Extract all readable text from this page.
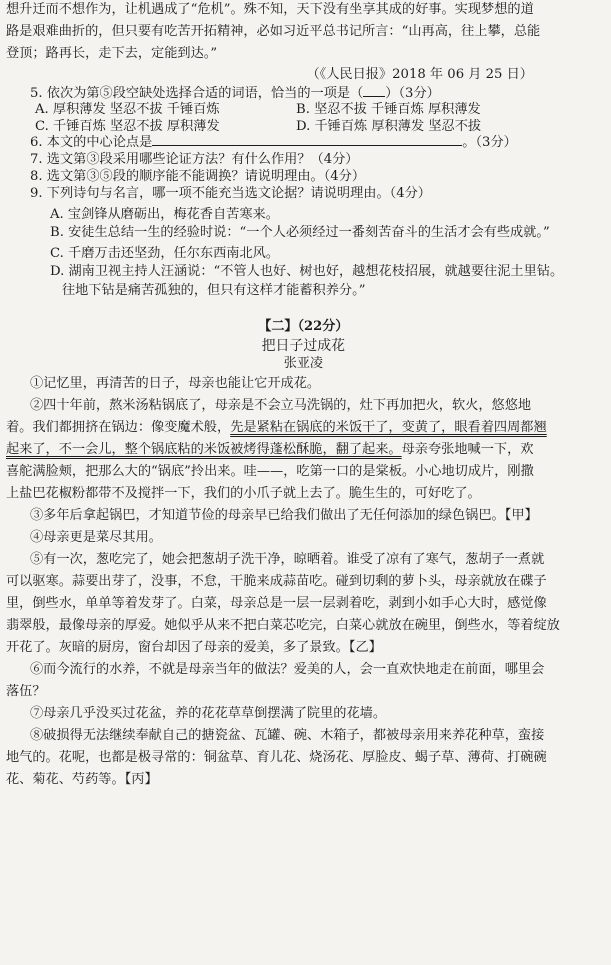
想升迁而不想作为，让机遇成了“危机”。殊不知，天下没有坐享其成的好事。实现梦想的道
路是艰难曲折的，但只要有吃苦开拓精神，必如习近平总书记所言：“山再高，往上攀，总能
登顶；路再长，走下去，定能到达。”
（《人民日报》2018 年 06 月 25 日）
5. 依次为第⑤段空缺处选择合适的词语，恰当的一项是（ ）（3分）
A. 厚积薄发 坚忍不拔 千锤百炼	B. 坚忍不拔 千锤百炼 厚积薄发
C. 千锤百炼 坚忍不拔 厚积薄发	D. 千锤百炼 厚积薄发 坚忍不拔
6. 本文的中心论点是	。（3分）
7. 选文第③段采用哪些论证方法？有什么作用？（4分）
8. 选文第③⑤段的顺序能不能调换？请说明理由。（4分）
9. 下列诗句与名言，哪一项不能充当选文论据？请说明理由。（4分）
A. 宝剑锋从磨砺出，梅花香自苦寒来。
B. 安徒生总结一生的经验时说：“一个人必须经过一番刻苦奋斗的生活才会有些成就。”
C. 千磨万击还坚劲，任尔东西南北风。
D. 湖南卫视主持人汪涵说：“不管人也好、树也好，越想花枝招展，就越要往泥土里钻。
往地下钻是痛苦孤独的，但只有这样才能蓄积养分。”
【二】（22分）
把日子过成花
张亚凌
①记忆里，再清苦的日子，母亲也能让它开成花。
②四十年前，熬米汤粘锅底了，母亲是不会立马洗锅的，灶下再加把火，软火，悠悠地
着。我们都拥挤在锅边：像变魔术般，先是紧粘在锅底的米饭干了，变黄了，眼看着四周都翘
起来了，不一会儿，整个锅底粘的米饭被烤得蓬松酥脆，翻了起来。母亲夸张地喊一下，欢
喜舵满脸颊，把那么大的“锅底”拎出来。哇——，吃第一口的是棠板。小心地切成片，刚撒
上盐巴花椒粉都带不及搅拌一下，我们的小爪子就上去了。脆生生的，可好吃了。
③多年后拿起锅巴，才知道节俭的母亲早已给我们做出了无任何添加的绿色锅巴。【甲】
④母亲更是菜尽其用。
⑤有一次，葱吃完了，她会把葱胡子洗干净，晾晒着。谁受了凉有了寒气，葱胡子一煮就
可以驱寒。蒜要出芽了，没事，不怠，干脆来成蒜苗吃。碰到切剩的萝卜头，母亲就放在碟子
里，倒些水，单单等着发芽了。白菜，母亲总是一层一层剥着吃，剥到小如手心大时，感觉像
翡翠般，最像母亲的厚爱。她似乎从来不把白菜芯吃完，白菜心就放在碗里，倒些水，等着绽放
开花了。灰暗的厨房，窗台却因了母亲的爱美，多了景致。【乙】
⑥而今流行的水养，不就是母亲当年的做法？爱美的人，会一直欢快地走在前面，哪里会
落伍？
⑦母亲几乎没买过花盆，养的花花草草倒摆满了院里的花墙。
⑧破损得无法继续奉献自己的搪瓷盆、瓦罐、碗、木箱子，都被母亲用来养花种草，蛮接
地气的。花呢，也都是极寻常的：铜盆草、育儿花、烧汤花、厚脸皮、蝎子草、薄荷、打碗碗
花、菊花、芍药等。【丙】
